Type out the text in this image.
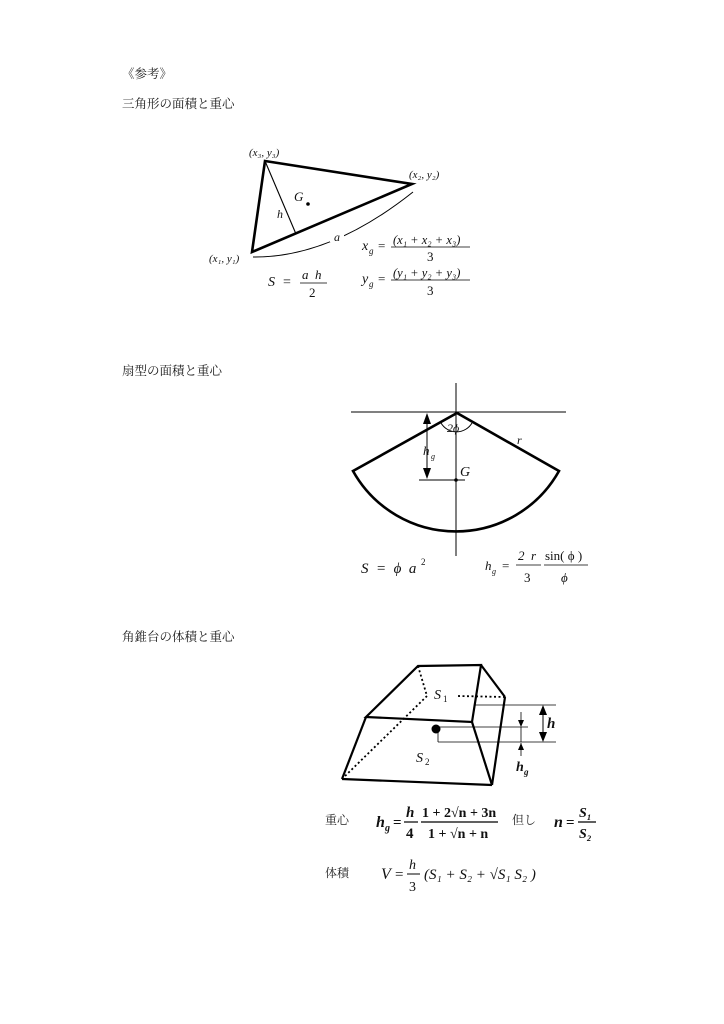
《参考》
三角形の面積と重心
扇型の面積と重心
角錐台の体積と重心
(x₃, y₃)
(x₂, y₂)
(x₁, y₁)
G
h
a
S =
a  h
2
x g = (x₁ + x₂ + x₃)
3
y g = (y₁ + y₂ + y₃)
3
2ϕ
r
G
h g
S  =  ϕ  a 2	h g =
2  r
3
sin( ϕ )
ϕ
S 1
S 2
h
h g
重心 h g =
h
4
1 + 2√n + 3n
1 + √n + n
但し n =
S₁
S₂
体積 V =
h
3
(S₁ + S₂ + √S₁ S₂ )
